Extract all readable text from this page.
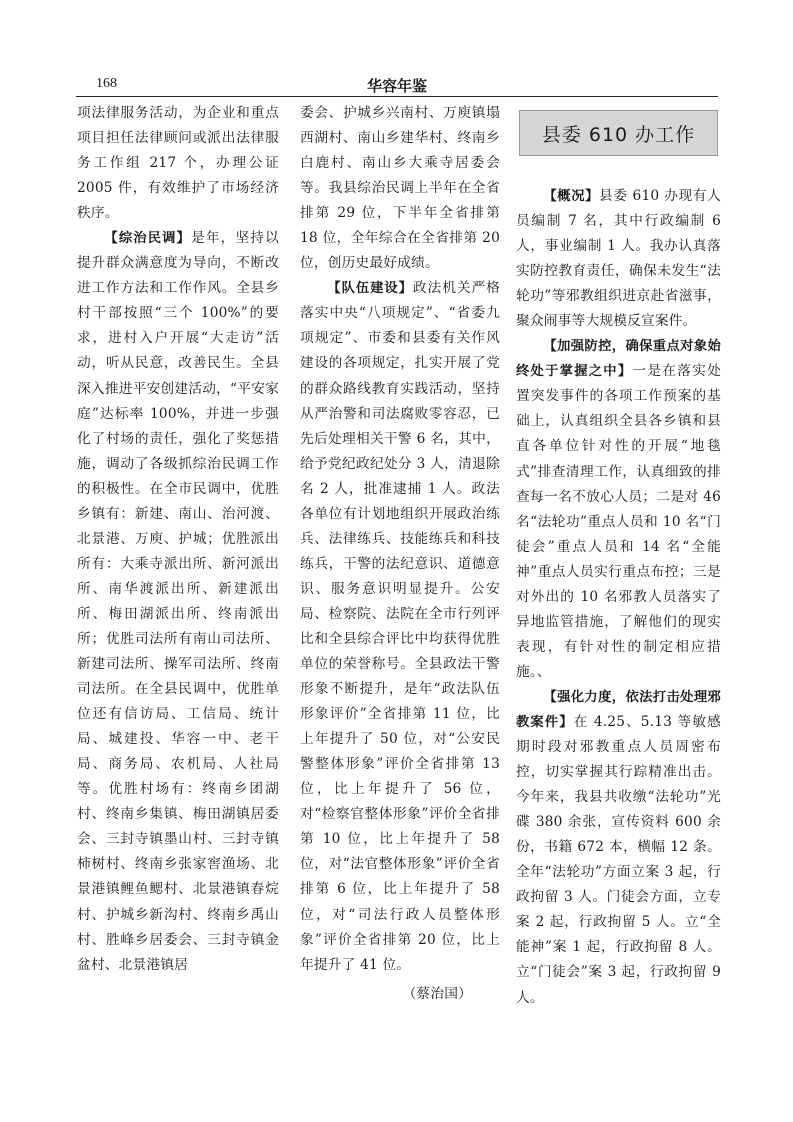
168	华容年鉴

项法律服务活动，为企业和重点项目担任法律顾问或派出法律服务工作组 217 个，办理公证 2005 件，有效维护了市场经济秩序。

【综治民调】是年，坚持以提升群众满意度为导向，不断改进工作方法和工作作风。全县乡村干部按照“三个 100%”的要求，进村入户开展“大走访”活动，听从民意，改善民生。全县深入推进平安创建活动，“平安家庭”达标率 100%，并进一步强化了村场的责任，强化了奖惩措施，调动了各级抓综治民调工作的积极性。在全市民调中，优胜乡镇有：新建、南山、治河渡、北景港、万庾、护城；优胜派出所有：大乘寺派出所、新河派出所、南华渡派出所、新建派出所、梅田湖派出所、终南派出所；优胜司法所有南山司法所、新建司法所、操军司法所、终南司法所。在全县民调中，优胜单位还有信访局、工信局、统计局、城建投、华容一中、老干局、商务局、农机局、人社局等。优胜村场有：终南乡团湖村、终南乡集镇、梅田湖镇居委会、三封寺镇墨山村、三封寺镇柿树村、终南乡张家窖渔场、北景港镇鲤鱼鳃村、北景港镇春烷村、护城乡新沟村、终南乡禹山村、胜峰乡居委会、三封寺镇金盆村、北景港镇居

委会、护城乡兴南村、万庾镇塌西湖村、南山乡建华村、终南乡白鹿村、南山乡大乘寺居委会等。我县综治民调上半年在全省排第 29 位，下半年全省排第 18 位，全年综合在全省排第 20 位，创历史最好成绩。

【队伍建设】政法机关严格落实中央“八项规定”、“省委九项规定”、市委和县委有关作风建设的各项规定，扎实开展了党的群众路线教育实践活动，坚持从严治警和司法腐败零容忍，已先后处理相关干警 6 名，其中，给予党纪政纪处分 3 人，清退除名 2 人，批准逮捕 1 人。政法各单位有计划地组织开展政治练兵、法律练兵、技能练兵和科技练兵，干警的法纪意识、道德意识、服务意识明显提升。公安局、检察院、法院在全市行列评比和全县综合评比中均获得优胜单位的荣誉称号。全县政法干警形象不断提升，是年“政法队伍形象评价”全省排第 11 位，比上年提升了 50 位，对“公安民警整体形象”评价全省排第 13 位，比上年提升了 56 位，对“检察官整体形象”评价全省排第 10 位，比上年提升了 58 位，对“法官整体形象”评价全省排第 6 位，比上年提升了 58 位，对“司法行政人员整体形象”评价全省排第 20 位，比上年提升了 41 位。

（蔡治国）

县委 610 办工作

【概况】县委 610 办现有人员编制 7 名，其中行政编制 6 人，事业编制 1 人。我办认真落实防控教育责任，确保未发生“法轮功”等邪教组织进京赴省滋事，聚众闹事等大规模反宣案件。

【加强防控，确保重点对象始终处于掌握之中】一是在落实处置突发事件的各项工作预案的基础上，认真组织全县各乡镇和县直各单位针对性的开展“地毯式”排查清理工作，认真细致的排查每一名不放心人员；二是对 46 名“法轮功”重点人员和 10 名“门徒会”重点人员和 14 名“全能神”重点人员实行重点布控；三是对外出的 10 名邪教人员落实了异地监管措施，了解他们的现实表现，有针对性的制定相应措施。、

【强化力度，依法打击处理邪教案件】在 4.25、5.13 等敏感期时段对邪教重点人员周密布控，切实掌握其行踪精准出击。今年来，我县共收缴“法轮功”光碟 380 余张，宣传资料 600 余份，书籍 672 本，横幅 12 条。全年“法轮功”方面立案 3 起，行政拘留 3 人。门徒会方面，立专案 2 起，行政拘留 5 人。立“全能神”案 1 起，行政拘留 8 人。立“门徒会”案 3 起，行政拘留 9 人。
